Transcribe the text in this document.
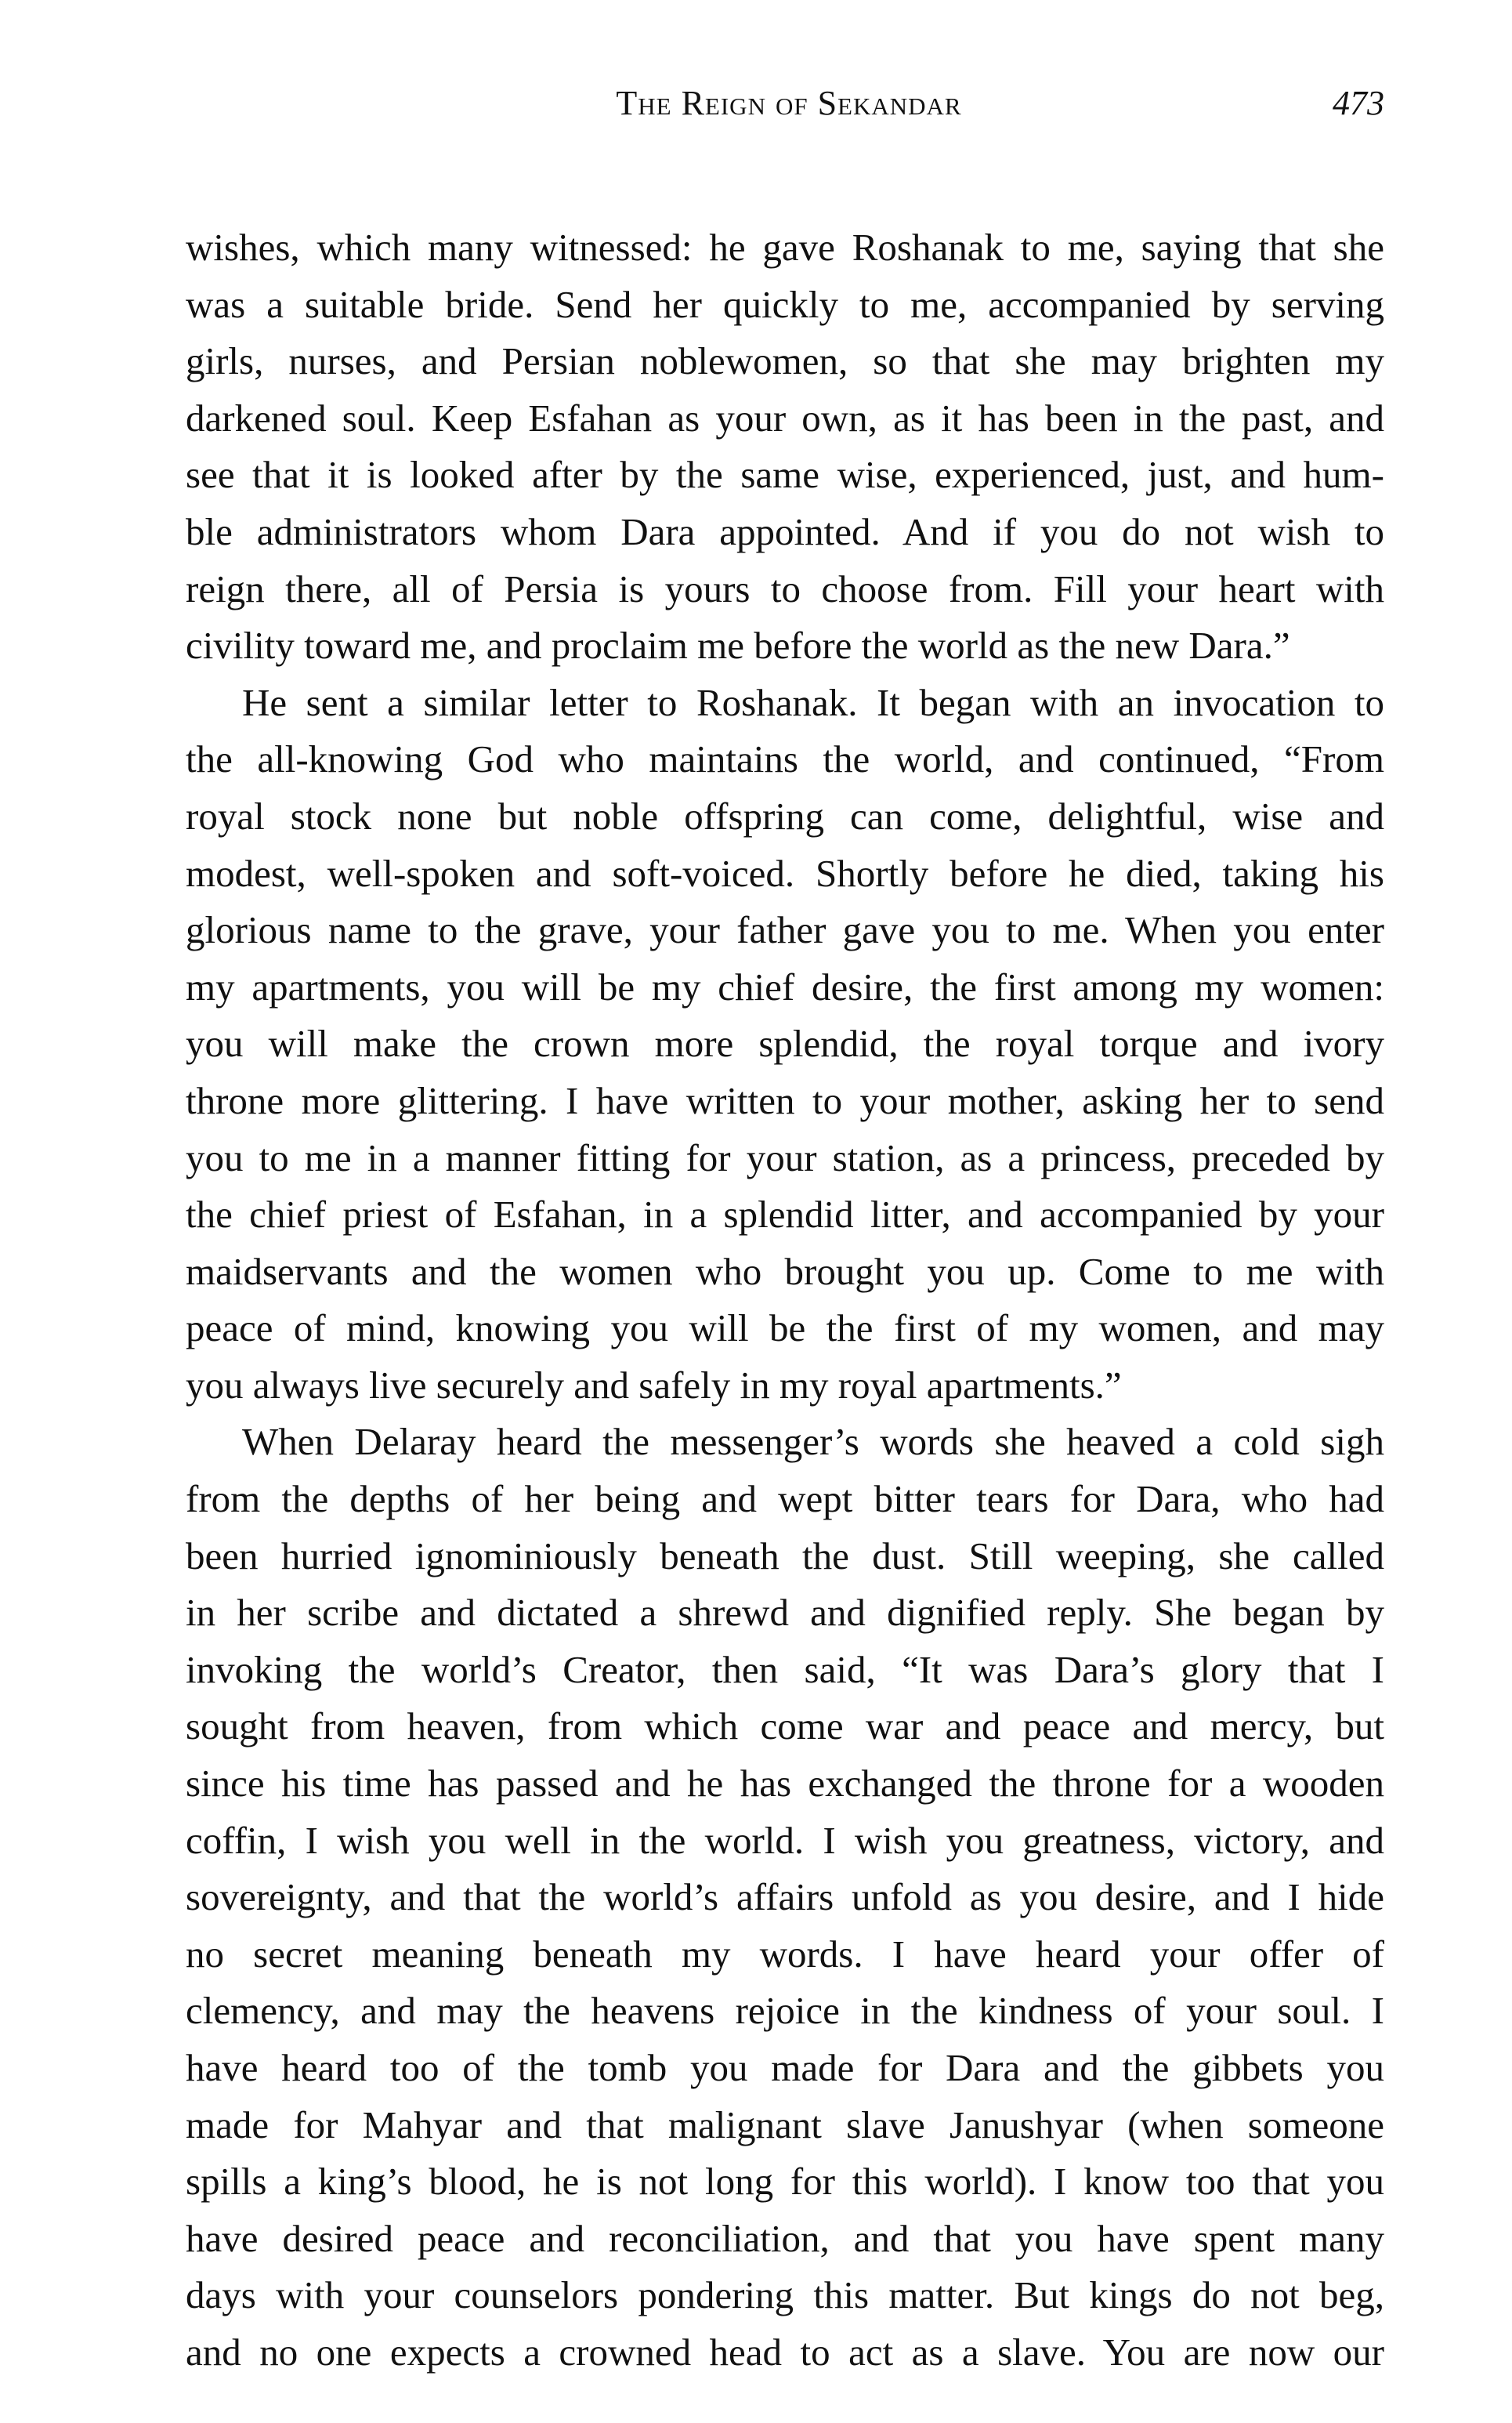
The Reign of Sekandar	473
wishes, which many witnessed: he gave Roshanak to me, saying that she
was a suitable bride. Send her quickly to me, accompanied by serving
girls, nurses, and Persian noblewomen, so that she may brighten my
darkened soul. Keep Esfahan as your own, as it has been in the past, and
see that it is looked after by the same wise, experienced, just, and hum-
ble administrators whom Dara appointed. And if you do not wish to
reign there, all of Persia is yours to choose from. Fill your heart with
civility toward me, and proclaim me before the world as the new Dara.”
He sent a similar letter to Roshanak. It began with an invocation to
the all-knowing God who maintains the world, and continued, “From
royal stock none but noble offspring can come, delightful, wise and
modest, well-spoken and soft-voiced. Shortly before he died, taking his
glorious name to the grave, your father gave you to me. When you enter
my apartments, you will be my chief desire, the first among my women:
you will make the crown more splendid, the royal torque and ivory
throne more glittering. I have written to your mother, asking her to send
you to me in a manner fitting for your station, as a princess, preceded by
the chief priest of Esfahan, in a splendid litter, and accompanied by your
maidservants and the women who brought you up. Come to me with
peace of mind, knowing you will be the first of my women, and may
you always live securely and safely in my royal apartments.”
When Delaray heard the messenger’s words she heaved a cold sigh
from the depths of her being and wept bitter tears for Dara, who had
been hurried ignominiously beneath the dust. Still weeping, she called
in her scribe and dictated a shrewd and dignified reply. She began by
invoking the world’s Creator, then said, “It was Dara’s glory that I
sought from heaven, from which come war and peace and mercy, but
since his time has passed and he has exchanged the throne for a wooden
coffin, I wish you well in the world. I wish you greatness, victory, and
sovereignty, and that the world’s affairs unfold as you desire, and I hide
no secret meaning beneath my words. I have heard your offer of
clemency, and may the heavens rejoice in the kindness of your soul. I
have heard too of the tomb you made for Dara and the gibbets you
made for Mahyar and that malignant slave Janushyar (when someone
spills a king’s blood, he is not long for this world). I know too that you
have desired peace and reconciliation, and that you have spent many
days with your counselors pondering this matter. But kings do not beg,
and no one expects a crowned head to act as a slave. You are now our
